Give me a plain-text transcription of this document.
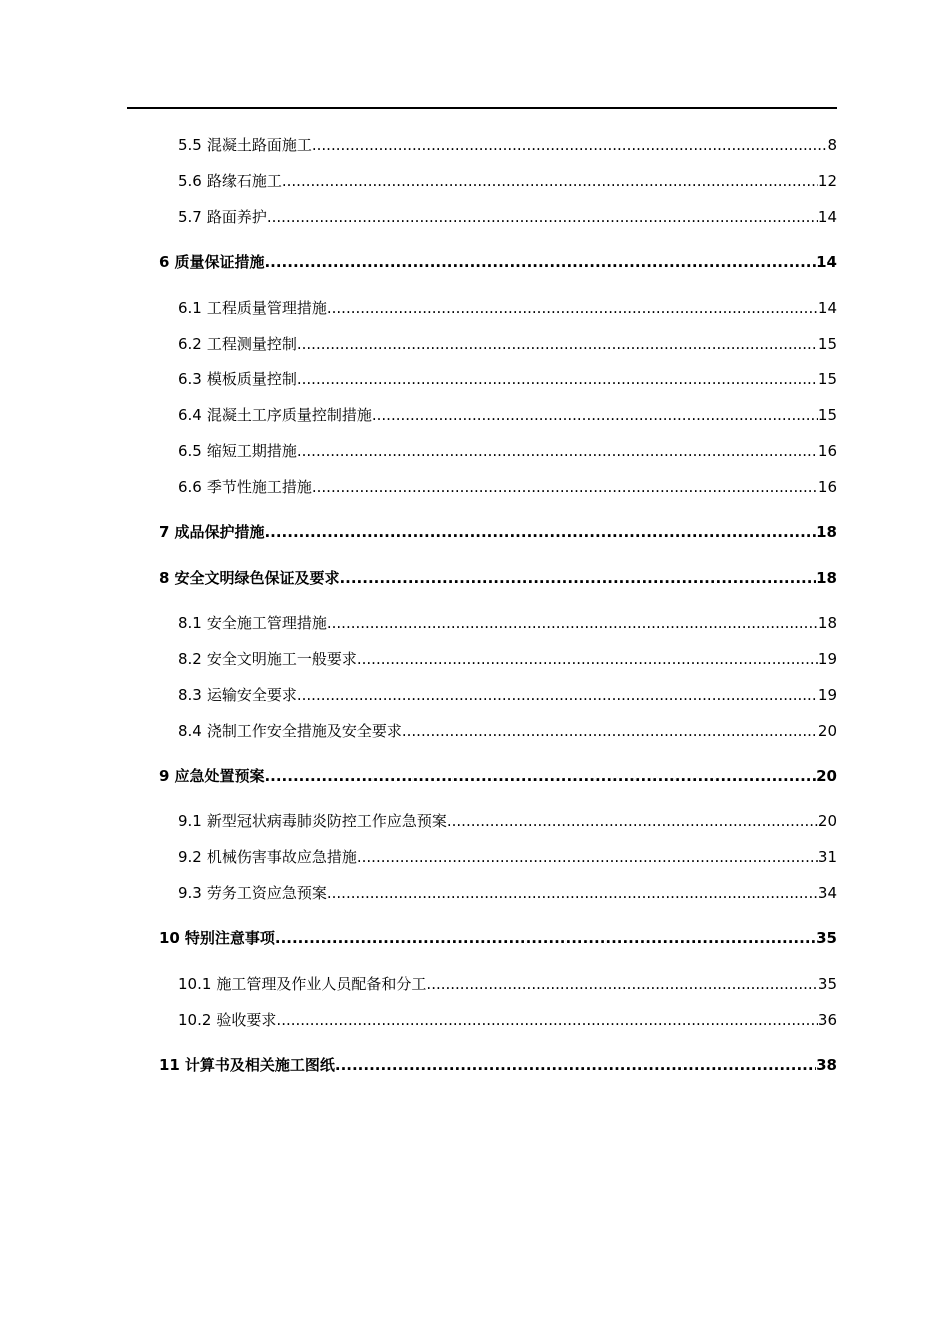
5.5 混凝土路面施工 .....	8
5.6 路缘石施工 .....	12
5.7 路面养护 .....	14
6 质量保证措施 .....	14
6.1 工程质量管理措施 .....	14
6.2 工程测量控制 .....	15
6.3 模板质量控制 .....	15
6.4 混凝土工序质量控制措施 .....	15
6.5 缩短工期措施 .....	16
6.6 季节性施工措施 .....	16
7 成品保护措施 .....	18
8 安全文明绿色保证及要求 .....	18
8.1 安全施工管理措施 .....	18
8.2 安全文明施工一般要求 .....	19
8.3 运输安全要求 .....	19
8.4 浇制工作安全措施及安全要求 .....	20
9 应急处置预案 .....	20
9.1 新型冠状病毒肺炎防控工作应急预案 .....	20
9.2 机械伤害事故应急措施 .....	31
9.3 劳务工资应急预案 .....	34
10 特别注意事项 .....	35
10.1 施工管理及作业人员配备和分工 .....	35
10.2 验收要求 .....	36
11 计算书及相关施工图纸 .....	38
